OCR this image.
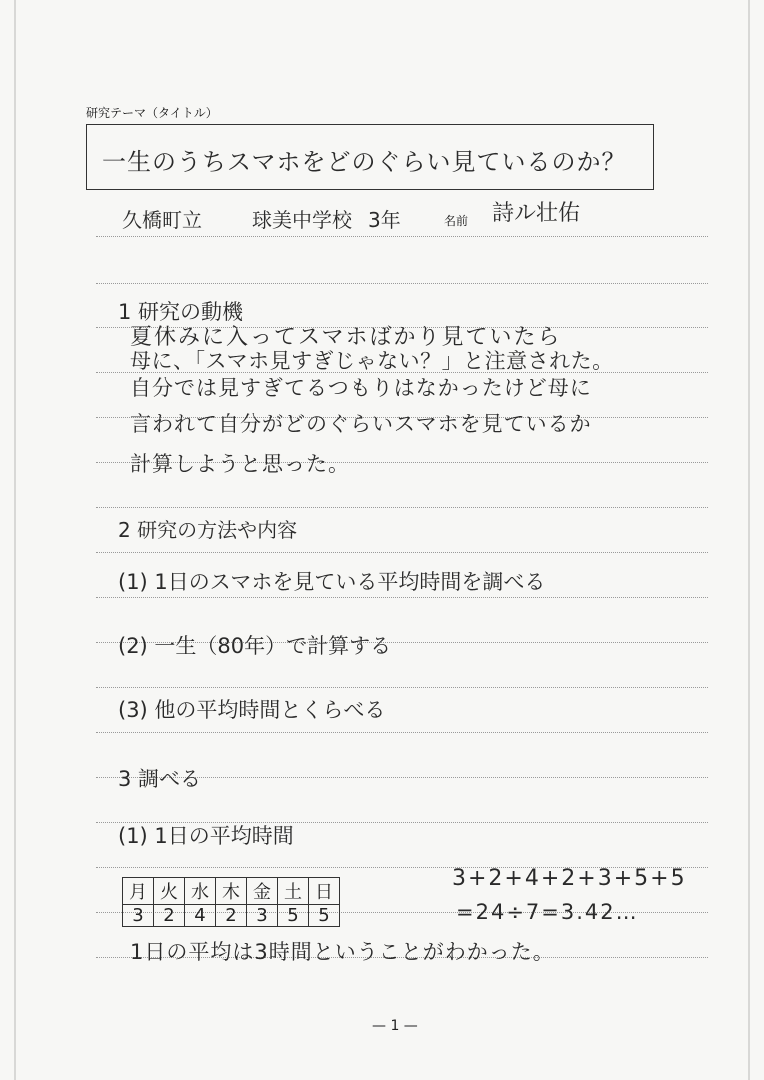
研究テーマ（タイトル）
一生のうちスマホをどのぐらい見ているのか？
久橋町立	球美中学校 3年	名前 詩ル壮佑
1 研究の動機
夏休みに入ってスマホばかり見ていたら
母に、「スマホ見すぎじゃない？」と注意された。
自分では見すぎてるつもりはなかったけど母に
言われて自分がどのぐらいスマホを見ているか
計算しようと思った。
2 研究の方法や内容
(1) 1日のスマホを見ている平均時間を調べる
(2) 一生（80年）で計算する
(3) 他の平均時間とくらべる
3 調べる
(1) 1日の平均時間
月	火	水	木	金	土	日
3	2	4	2	3	5	5
3+2+4+2+3+5+5
=24÷7=3.42…
1日の平均は3時間ということがわかった。
— 1 —
